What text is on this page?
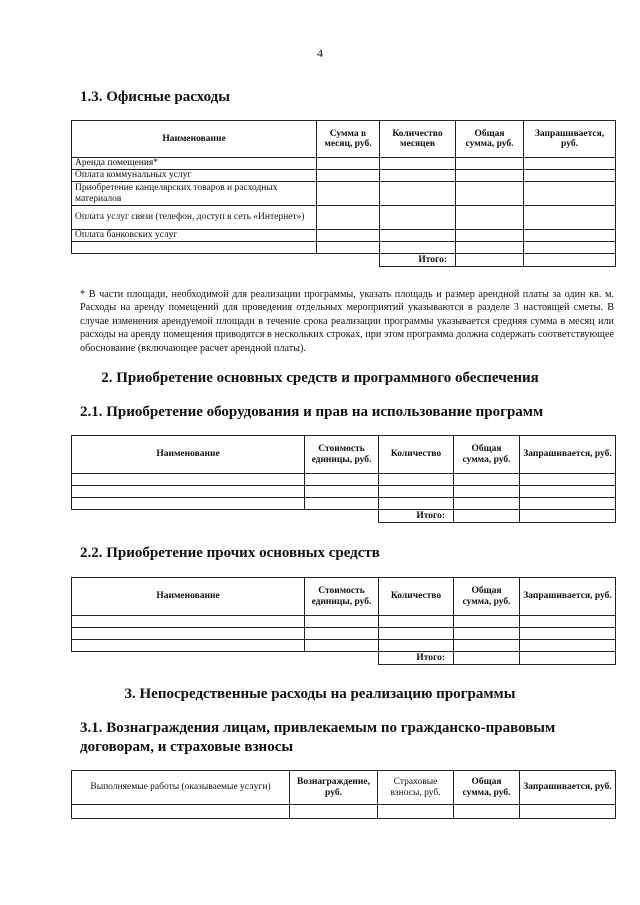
4
1.3. Офисные расходы
Наименование	Сумма в месяц, руб.	Количество месяцев	Общая сумма, руб.	Запрашивается, руб.
Аренда помещения*				
Оплата коммунальных услуг				
Приобретение канцелярских товаров и расходных материалов				
Оплата услуг связи (телефон, доступ в сеть «Интернет»)				
Оплата банковских услуг				

		Итого:		

* В части площади, необходимой для реализации программы, указать площадь и размер арендной платы за один кв. м. Расходы на аренду помещений для проведения отдельных мероприятий указываются в разделе 3 настоящей сметы. В случае изменения арендуемой площади в течение срока реализации программы указывается средняя сумма в месяц или расходы на аренду помещения приводятся в нескольких строках, при этом программа должна содержать соответствующее обоснование (включающее расчет арендной платы).

2. Приобретение основных средств и программного обеспечения
2.1. Приобретение оборудования и прав на использование программ
Наименование	Стоимость единицы, руб.	Количество	Общая сумма, руб.	Запрашивается, руб.

		Итого:		
2.2. Приобретение прочих основных средств
Наименование	Стоимость единицы, руб.	Количество	Общая сумма, руб.	Запрашивается, руб.

		Итого:		
3. Непосредственные расходы на реализацию программы
3.1. Вознаграждения лицам, привлекаемым по гражданско-правовым договорам, и страховые взносы
Выполняемые работы (оказываемые услуги)	Вознаграждение, руб.	Страховые взносы, руб.	Общая сумма, руб.	Запрашивается, руб.
